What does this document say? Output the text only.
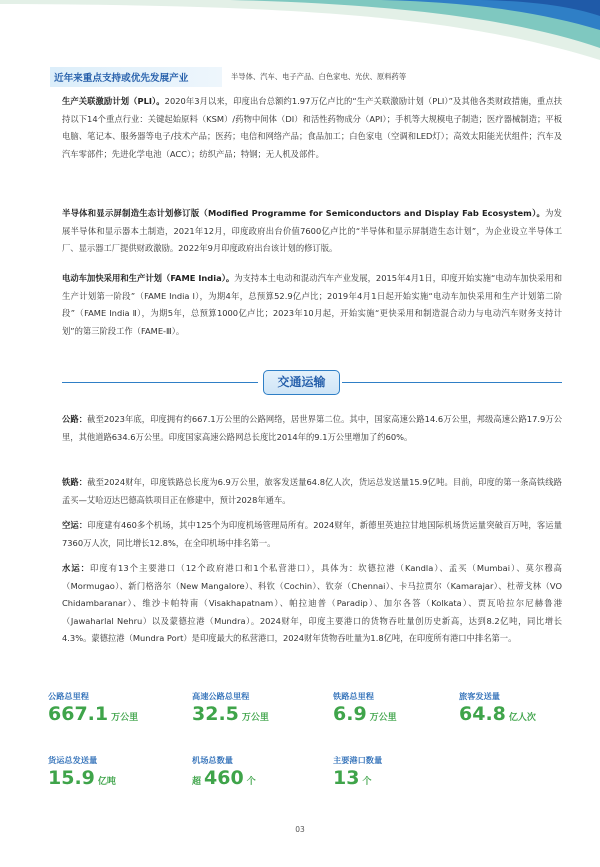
近年来重点支持或优先发展产业	半导体、汽车、电子产品、白色家电、光伏、原料药等

生产关联激励计划（PLI）。2020年3月以来，印度出台总额约1.97万亿卢比的“生产关联激励计划（PLI）”及其他各类财政措施，重点扶持以下14个重点行业：关键起始原料（KSM）/药物中间体（DI）和活性药物成分（API）；手机等大规模电子制造；医疗器械制造；平板电脑、笔记本、服务器等电子/技术产品；医药；电信和网络产品；食品加工；白色家电（空调和LED灯）；高效太阳能光伏组件；汽车及汽车零部件；先进化学电池（ACC）；纺织产品；特钢；无人机及部件。

半导体和显示屏制造生态计划修订版（Modified Programme for Semiconductors and Display Fab Ecosystem）。为发展半导体和显示器本土制造，2021年12月，印度政府出台价值7600亿卢比的“半导体和显示屏制造生态计划”，为企业设立半导体工厂、显示器工厂提供财政激励。2022年9月印度政府出台该计划的修订版。

电动车加快采用和生产计划（FAME India）。为支持本土电动和混动汽车产业发展，2015年4月1日，印度开始实施“电动车加快采用和生产计划第一阶段”（FAME India Ⅰ），为期4年，总预算52.9亿卢比；2019年4月1日起开始实施“电动车加快采用和生产计划第二阶段”（FAME India Ⅱ），为期5年，总预算1000亿卢比；2023年10月起，开始实施“更快采用和制造混合动力与电动汽车财务支持计划”的第三阶段工作（FAME-Ⅲ）。

交通运输

公路：截至2023年底，印度拥有约667.1万公里的公路网络，居世界第二位。其中，国家高速公路14.6万公里，邦级高速公路17.9万公里，其他道路634.6万公里。印度国家高速公路网总长度比2014年的9.1万公里增加了约60%。

铁路：截至2024财年，印度铁路总长度为6.9万公里，旅客发送量64.8亿人次，货运总发送量15.9亿吨。目前，印度的第一条高铁线路孟买—艾哈迈达巴德高铁项目正在修建中，预计2028年通车。

空运：印度建有460多个机场，其中125个为印度机场管理局所有。2024财年，新德里英迪拉甘地国际机场货运量突破百万吨，客运量7360万人次，同比增长12.8%，在全印机场中排名第一。

水运：印度有13个主要港口（12个政府港口和1个私营港口），具体为：坎德拉港（Kandla）、孟买（Mumbai）、莫尔穆高（Mormugao）、新门格洛尔（New Mangalore）、科钦（Cochin）、钦奈（Chennai）、卡马拉贾尔（Kamarajar）、杜蒂戈林（VO Chidambaranar）、维沙卡帕特南（Visakhapatnam）、帕拉迪普（Paradip）、加尔各答（Kolkata）、贾瓦哈拉尔尼赫鲁港（Jawaharlal Nehru）以及蒙德拉港（Mundra）。2024财年，印度主要港口的货物吞吐量创历史新高，达到8.2亿吨，同比增长4.3%。蒙德拉港（Mundra Port）是印度最大的私营港口，2024财年货物吞吐量为1.8亿吨，在印度所有港口中排名第一。

公路总里程
667.1 万公里
高速公路总里程
32.5 万公里
铁路总里程
6.9 万公里
旅客发送量
64.8 亿人次
货运总发送量
15.9 亿吨
机场总数量
超 460 个
主要港口数量
13 个
03
